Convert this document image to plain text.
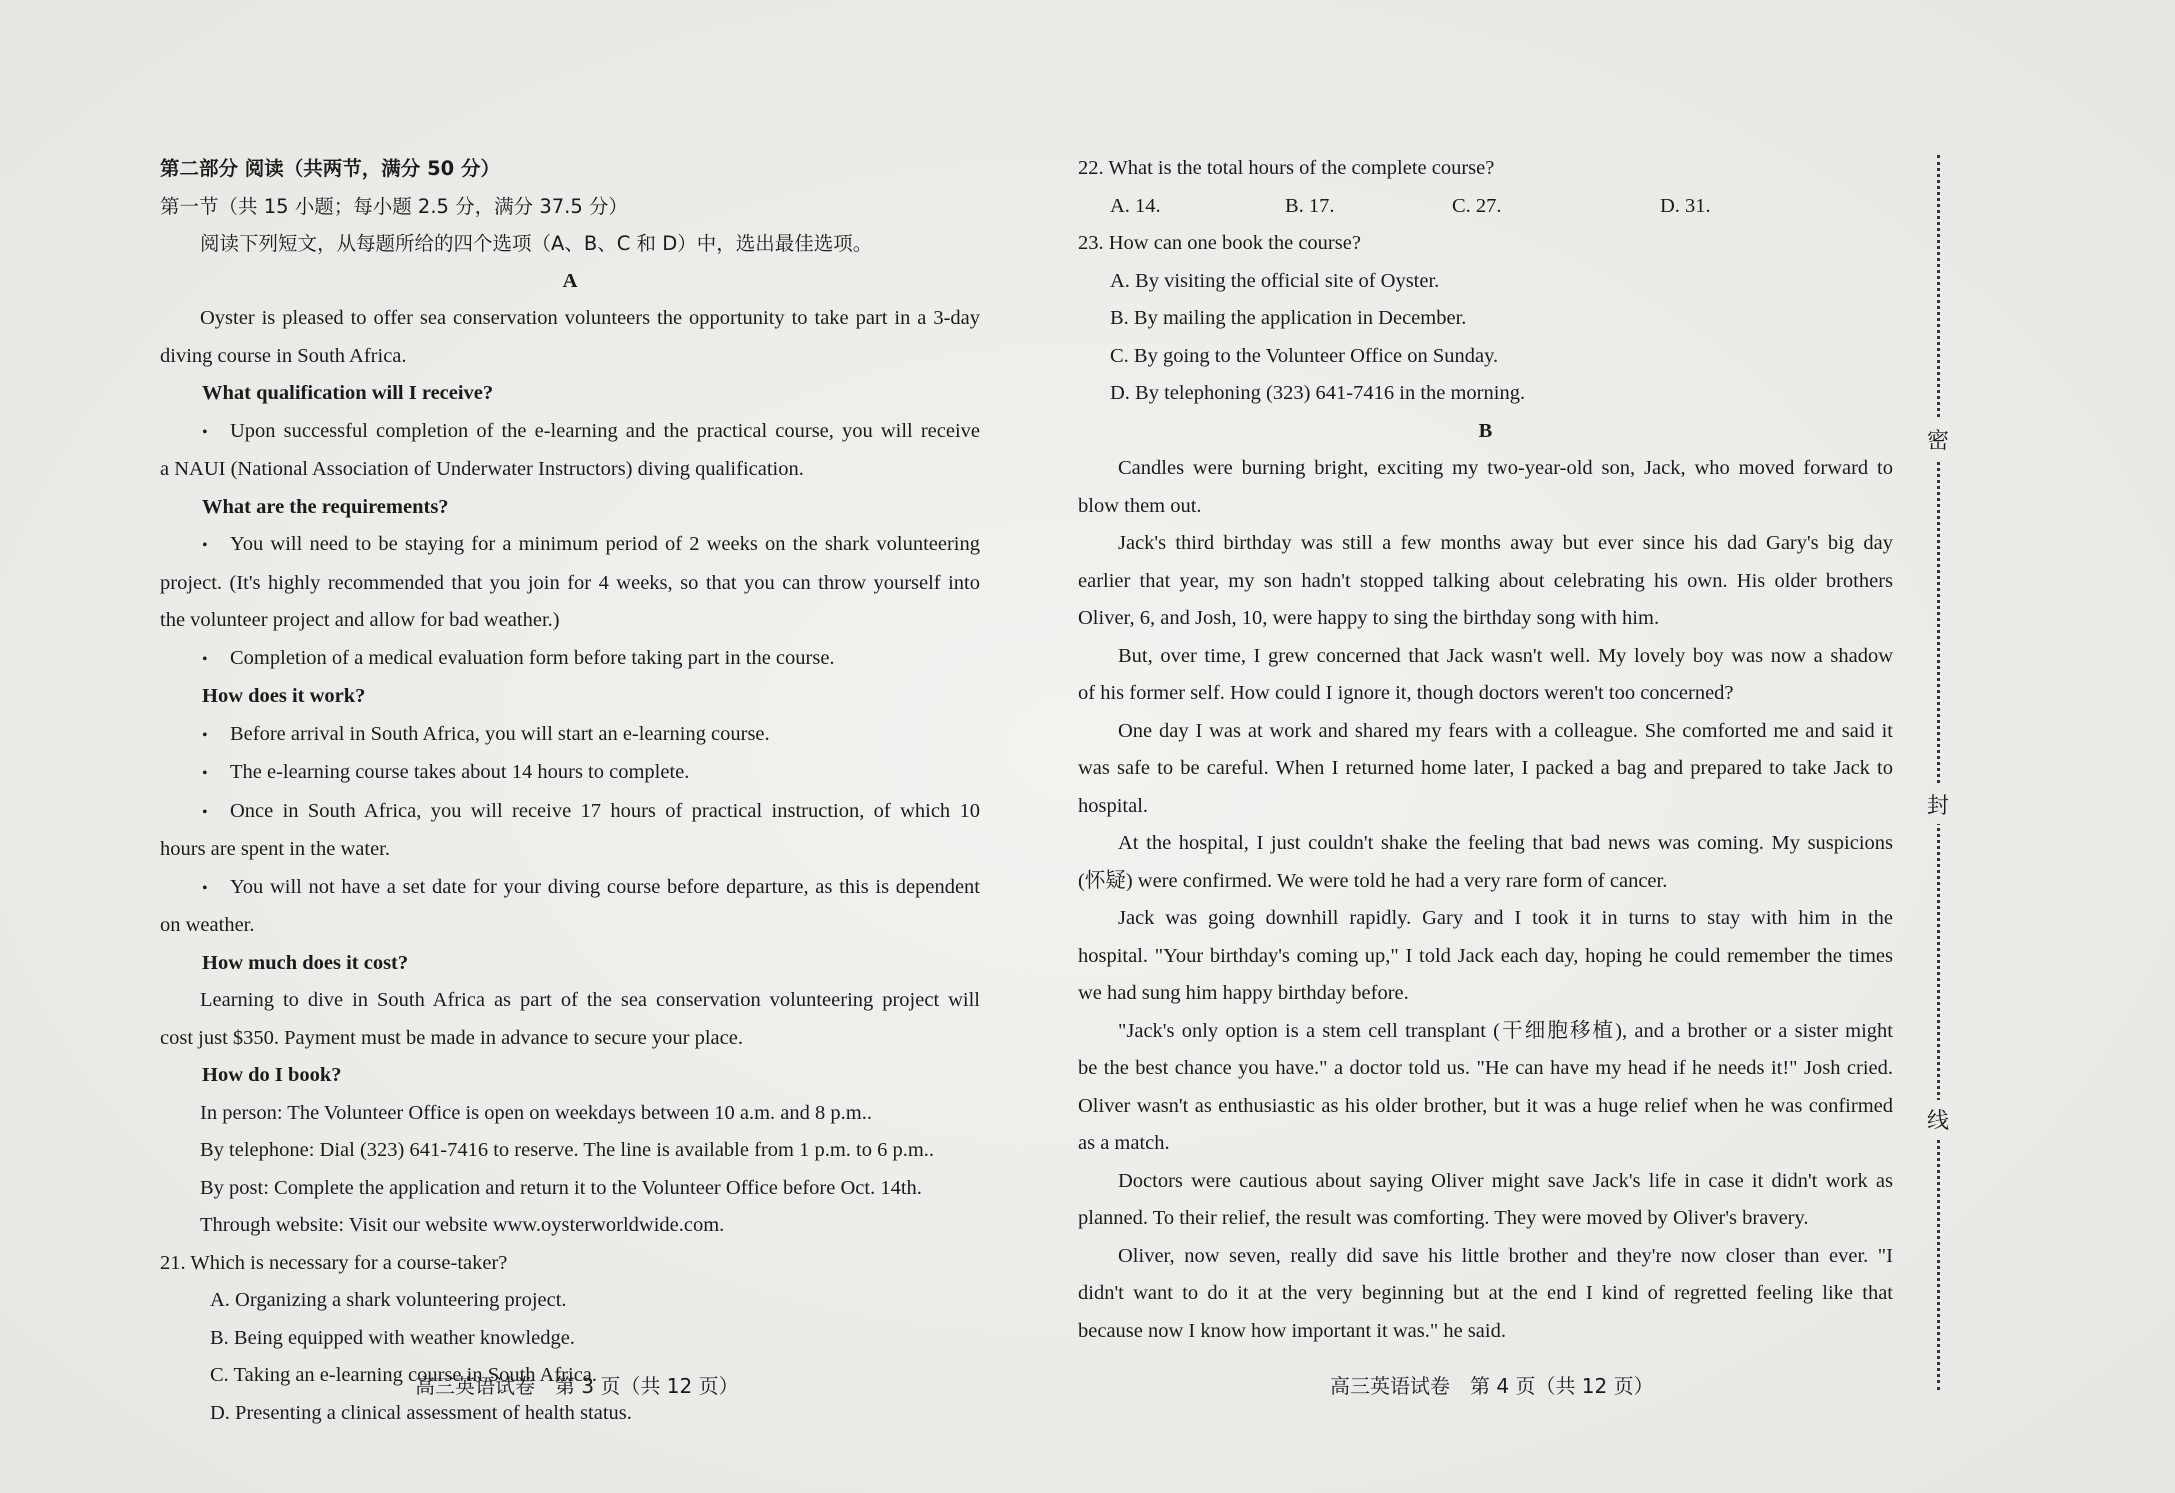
第二部分 阅读（共两节，满分 50 分）
第一节（共 15 小题；每小题 2.5 分，满分 37.5 分）
阅读下列短文，从每题所给的四个选项（A、B、C 和 D）中，选出最佳选项。
A
Oyster is pleased to offer sea conservation volunteers the opportunity to take part in a 3-day
diving course in South Africa.
What qualification will I receive?
• Upon successful completion of the e-learning and the practical course, you will receive
a NAUI (National Association of Underwater Instructors) diving qualification.
What are the requirements?
• You will need to be staying for a minimum period of 2 weeks on the shark volunteering
project. (It's highly recommended that you join for 4 weeks, so that you can throw yourself into
the volunteer project and allow for bad weather.)
• Completion of a medical evaluation form before taking part in the course.
How does it work?
• Before arrival in South Africa, you will start an e-learning course.
• The e-learning course takes about 14 hours to complete.
• Once in South Africa, you will receive 17 hours of practical instruction, of which 10
hours are spent in the water.
• You will not have a set date for your diving course before departure, as this is dependent
on weather.
How much does it cost?
Learning to dive in South Africa as part of the sea conservation volunteering project will
cost just $350. Payment must be made in advance to secure your place.
How do I book?
In person: The Volunteer Office is open on weekdays between 10 a.m. and 8 p.m..
By telephone: Dial (323) 641-7416 to reserve. The line is available from 1 p.m. to 6 p.m..
By post: Complete the application and return it to the Volunteer Office before Oct. 14th.
Through website: Visit our website www.oysterworldwide.com.
21. Which is necessary for a course-taker?
A. Organizing a shark volunteering project.
B. Being equipped with weather knowledge.
C. Taking an e-learning course in South Africa.
D. Presenting a clinical assessment of health status.
22. What is the total hours of the complete course?
A. 14.	B. 17.	C. 27.	D. 31.
23. How can one book the course?
A. By visiting the official site of Oyster.
B. By mailing the application in December.
C. By going to the Volunteer Office on Sunday.
D. By telephoning (323) 641-7416 in the morning.
B
Candles were burning bright, exciting my two-year-old son, Jack, who moved forward to
blow them out.
Jack's third birthday was still a few months away but ever since his dad Gary's big day
earlier that year, my son hadn't stopped talking about celebrating his own. His older brothers
Oliver, 6, and Josh, 10, were happy to sing the birthday song with him.
But, over time, I grew concerned that Jack wasn't well. My lovely boy was now a shadow
of his former self. How could I ignore it, though doctors weren't too concerned?
One day I was at work and shared my fears with a colleague. She comforted me and said it
was safe to be careful. When I returned home later, I packed a bag and prepared to take Jack to
hospital.
At the hospital, I just couldn't shake the feeling that bad news was coming. My suspicions
(怀疑) were confirmed. We were told he had a very rare form of cancer.
Jack was going downhill rapidly. Gary and I took it in turns to stay with him in the
hospital. "Your birthday's coming up," I told Jack each day, hoping he could remember the times
we had sung him happy birthday before.
"Jack's only option is a stem cell transplant (干细胞移植), and a brother or a sister might
be the best chance you have." a doctor told us. "He can have my head if he needs it!" Josh cried.
Oliver wasn't as enthusiastic as his older brother, but it was a huge relief when he was confirmed
as a match.
Doctors were cautious about saying Oliver might save Jack's life in case it didn't work as
planned. To their relief, the result was comforting. They were moved by Oliver's bravery.
Oliver, now seven, really did save his little brother and they're now closer than ever. "I
didn't want to do it at the very beginning but at the end I kind of regretted feeling like that
because now I know how important it was." he said.
高三英语试卷　第 3 页（共 12 页）	高三英语试卷　第 4 页（共 12 页）
密
封
线
